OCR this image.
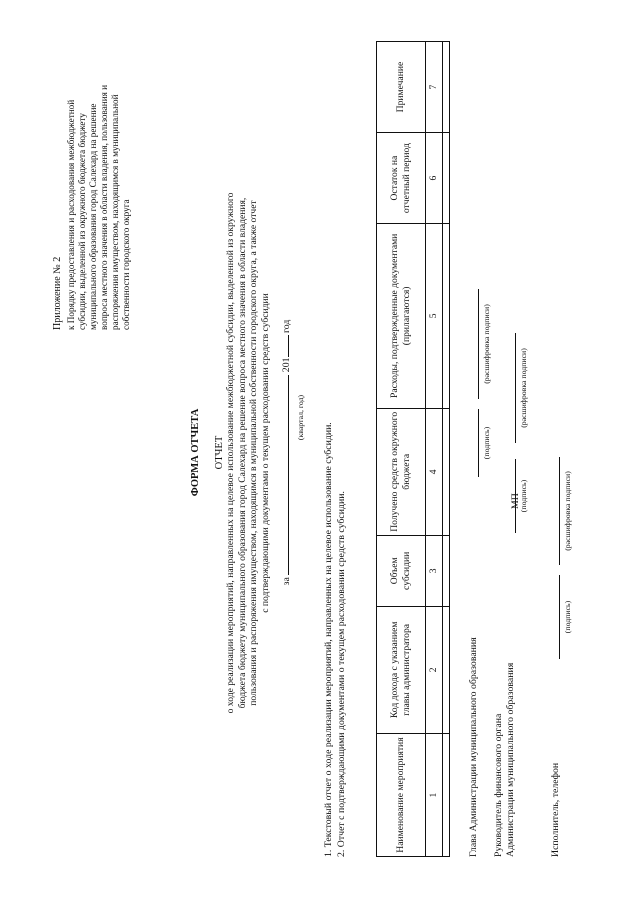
Приложение № 2 к Порядку предоставления и расходования межбюджетной субсидии, выделенной из окружного бюджета бюджету муниципального образования город Салехард на решение вопроса местного значения в области владения, пользования и распоряжения имуществом, находящимся в муниципальной собственности городского округа
ФОРМА ОТЧЕТА ОТЧЕТ о ходе реализации мероприятий, направленных на целевое использование межбюджетной субсидии, выделенной из окружного бюджета бюджету муниципального образования город Салехард на решение вопроса местного значения в области владения, пользования и распоряжения имуществом, находящимся в муниципальной собственности городского округа, а также отчет с подтверждающими документами о текущем расходовании средств субсидии за  201 год
(квартал, год)
1. Текстовый отчет о ходе реализации мероприятий, направленных на целевое использование субсидии. 2. Отчет с подтверждающими документами о текущем расходовании средств субсидии.	Наименование мероприятия	Код дохода с указанием главы администратора	Объем субсидии	Получено средств окружного бюджета	Расходы, подтвержденные документами (прилагаются)	Остаток на отчетный период	Примечание
1	2	3	4	5	6	7

Глава Администрации муниципального образования
(подпись)
(расшифровка подписи)
Руководитель финансового органа Администрации муниципального образования
(подпись)
(расшифровка подписи)
МП
Исполнитель, телефон
(подпись)
(расшифровка подписи)
